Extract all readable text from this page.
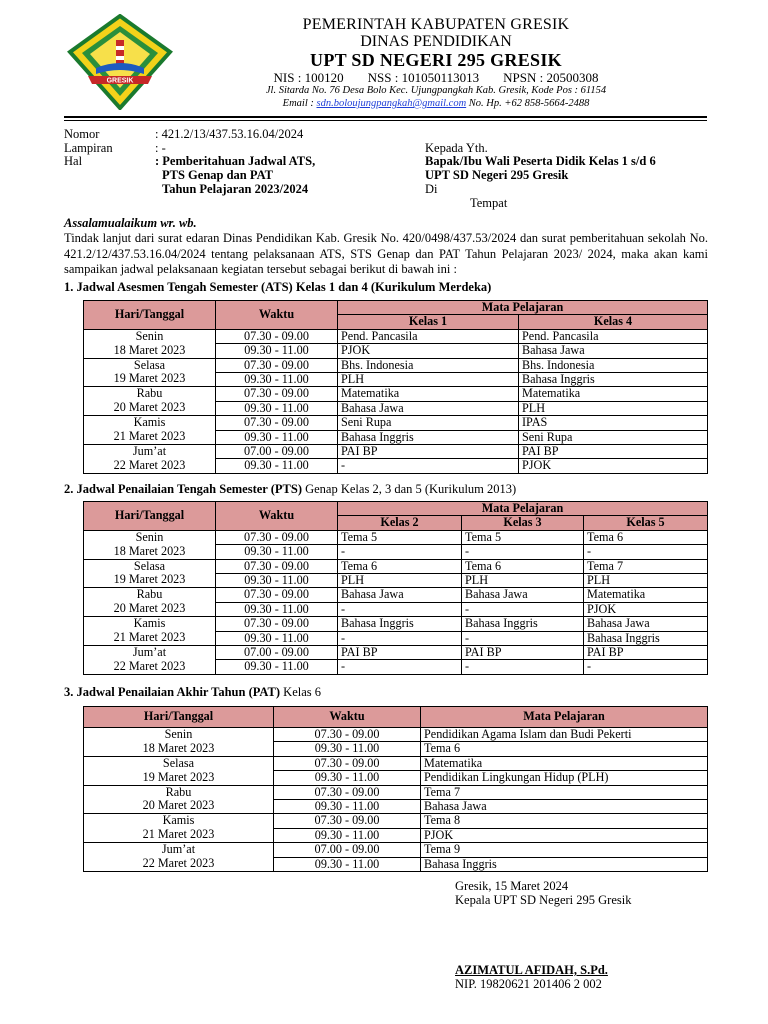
GRESIK
PEMERINTAH KABUPATEN GRESIK
DINAS PENDIDIKAN
UPT SD NEGERI 295 GRESIK
NIS : 100120 NSS : 101050113013 NPSN : 20500308
Jl. Sitarda No. 76 Desa Bolo Kec. Ujungpangkah Kab. Gresik, Kode Pos : 61154
Email : sdn.boloujungpangkah@gmail.com No. Hp. +62 858-5664-2488
Nomor	: 421.2/13/437.53.16.04/2024
Lampiran	: -
Hal	: Pemberitahuan Jadwal ATS,
PTS Genap dan PAT
Tahun Pelajaran 2023/2024
Kepada Yth.
Bapak/Ibu Wali Peserta Didik Kelas 1 s/d 6
UPT SD Negeri 295 Gresik
Di
Tempat
Assalamualaikum wr. wb.
Tindak lanjut dari surat edaran Dinas Pendidikan Kab. Gresik No. 420/0498/437.53/2024 dan surat pemberitahuan sekolah No. 421.2/12/437.53.16.04/2024 tentang pelaksanaan ATS, STS Genap dan PAT Tahun Pelajaran 2023/ 2024, maka akan kami sampaikan jadwal pelaksanaan kegiatan tersebut sebagai berikut di bawah ini :
1. Jadwal Asesmen Tengah Semester (ATS) Kelas 1 dan 4 (Kurikulum Merdeka)
Hari/Tanggal	Waktu	Mata Pelajaran	
		Kelas 1	Kelas 4

Senin
18 Maret 2023	07.30 - 09.00	Pend. Pancasila	Pend. Pancasila
	09.30 - 11.00	PJOK	Bahasa Jawa

Selasa
19 Maret 2023	07.30 - 09.00	Bhs. Indonesia	Bhs. Indonesia
	09.30 - 11.00	PLH	Bahasa Inggris

Rabu
20 Maret 2023	07.30 - 09.00	Matematika	Matematika
	09.30 - 11.00	Bahasa Jawa	PLH

Kamis
21 Maret 2023	07.30 - 09.00	Seni Rupa	IPAS
	09.30 - 11.00	Bahasa Inggris	Seni Rupa

Jum’at
22 Maret 2023	07.00 - 09.00	PAI BP	PAI BP
	09.30 - 11.00	-	PJOK
2. Jadwal Penailaian Tengah Semester (PTS) Genap Kelas 2, 3 dan 5 (Kurikulum 2013)
Hari/Tanggal	Waktu	Mata Pelajaran		
		Kelas 2	Kelas 3	Kelas 5

Senin
18 Maret 2023	07.30 - 09.00	Tema 5	Tema 5	Tema 6
	09.30 - 11.00	-	-	-

Selasa
19 Maret 2023	07.30 - 09.00	Tema 6	Tema 6	Tema 7
	09.30 - 11.00	PLH	PLH	PLH

Rabu
20 Maret 2023	07.30 - 09.00	Bahasa Jawa	Bahasa Jawa	Matematika
	09.30 - 11.00	-	-	PJOK

Kamis
21 Maret 2023	07.30 - 09.00	Bahasa Inggris	Bahasa Inggris	Bahasa Jawa
	09.30 - 11.00	-	-	Bahasa Inggris

Jum’at
22 Maret 2023	07.00 - 09.00	PAI BP	PAI BP	PAI BP
	09.30 - 11.00	-	-	-
3. Jadwal Penailaian Akhir Tahun (PAT) Kelas 6
Hari/Tanggal	Waktu	Mata Pelajaran

Senin
18 Maret 2023	07.30 - 09.00	Pendidikan Agama Islam dan Budi Pekerti
	09.30 - 11.00	Tema 6

Selasa
19 Maret 2023	07.30 - 09.00	Matematika
	09.30 - 11.00	Pendidikan Lingkungan Hidup (PLH)

Rabu
20 Maret 2023	07.30 - 09.00	Tema 7
	09.30 - 11.00	Bahasa Jawa

Kamis
21 Maret 2023	07.30 - 09.00	Tema 8
	09.30 - 11.00	PJOK

Jum’at
22 Maret 2023	07.00 - 09.00	Tema 9
	09.30 - 11.00	Bahasa Inggris
Gresik, 15 Maret 2024
Kepala UPT SD Negeri 295 Gresik
AZIMATUL AFIDAH, S.Pd.
NIP. 19820621 201406 2 002
